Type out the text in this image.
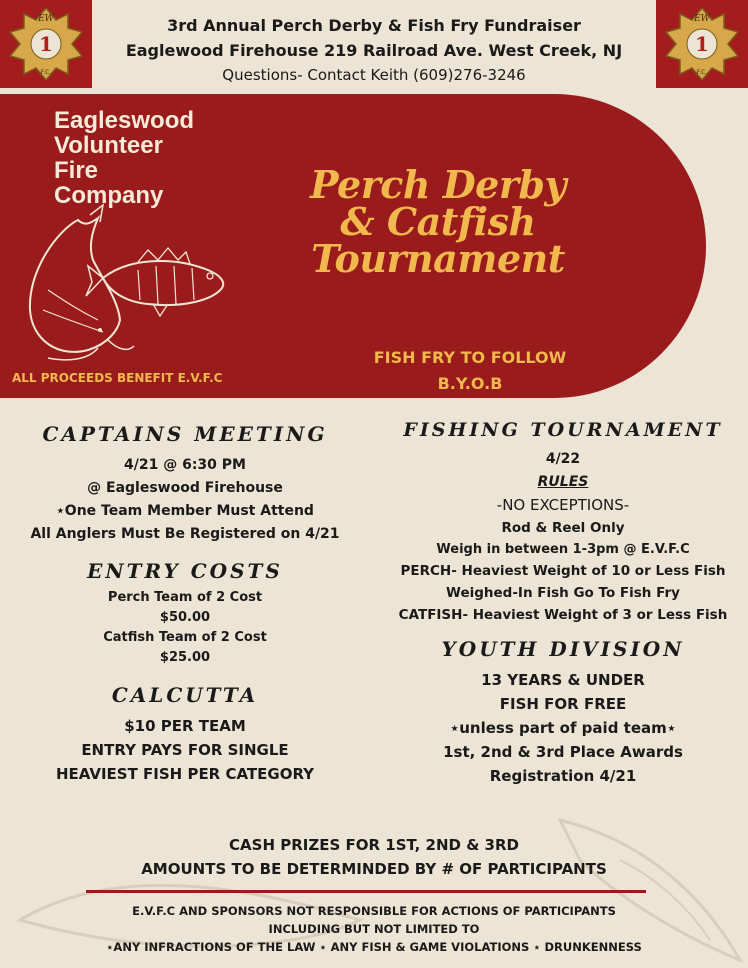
1
EW
F.C.
1
EW
F.C.
3rd Annual Perch Derby & Fish Fry Fundraiser
Eaglewood Firehouse 219 Railroad Ave. West Creek, NJ
Questions- Contact Keith (609)276-3246
Eagleswood
Volunteer
Fire
Company	Perch Derby
& Catfish
Tournament
FISH FRY TO FOLLOW
B.Y.O.B
ALL PROCEEDS BENEFIT E.V.F.C
CAPTAINS MEETING
4/21 @ 6:30 PM
@ Eagleswood Firehouse
⋆One Team Member Must Attend
All Anglers Must Be Registered on 4/21
ENTRY COSTS
Perch Team of 2 Cost
$50.00
Catfish Team of 2 Cost
$25.00
CALCUTTA
$10 PER TEAM
ENTRY PAYS FOR SINGLE
HEAVIEST FISH PER CATEGORY
FISHING TOURNAMENT
4/22
RULES
-NO EXCEPTIONS-
Rod & Reel Only
Weigh in between 1-3pm @ E.V.F.C
PERCH- Heaviest Weight of 10 or Less Fish
Weighed-In Fish Go To Fish Fry
CATFISH- Heaviest Weight of 3 or Less Fish
YOUTH DIVISION
13 YEARS & UNDER
FISH FOR FREE
⋆unless part of paid team⋆
1st, 2nd & 3rd Place Awards
Registration 4/21
CASH PRIZES FOR 1ST, 2ND & 3RD
AMOUNTS TO BE DETERMINDED BY # OF PARTICIPANTS
E.V.F.C AND SPONSORS NOT RESPONSIBLE FOR ACTIONS OF PARTICIPANTS
INCLUDING BUT NOT LIMITED TO
⋆ANY INFRACTIONS OF THE LAW ⋆ ANY FISH & GAME VIOLATIONS ⋆ DRUNKENNESS
